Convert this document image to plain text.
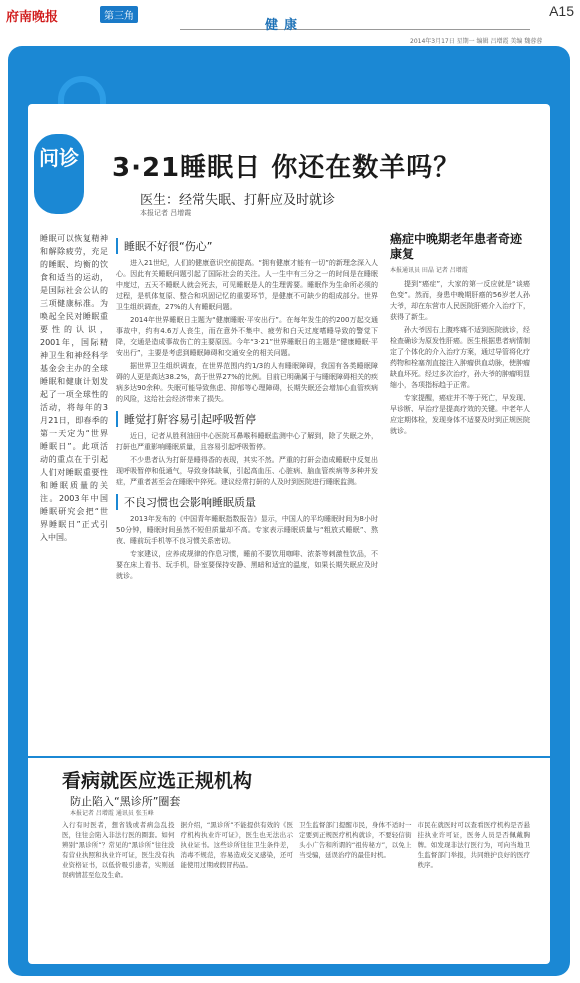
府南晚报	第三角
健康
A15
2014年3月17日 星期一 编辑 吕增霞 美编 魏蓉蓉
问诊 3·21睡眠日 你还在数羊吗？
医生：经常失眠、打鼾应及时就诊
本报记者 吕增霞
睡眠可以恢复精神和解除疲劳，充足的睡眠、均衡的饮食和适当的运动，是国际社会公认的三项健康标准。为唤起全民对睡眠重要性的认识，2001年，国际精神卫生和神经科学基金会主办的全球睡眠和健康计划发起了一项全球性的活动，将每年的3月21日，即春季的第一天定为“世界睡眠日”。此项活动的重点在于引起人们对睡眠重要性和睡眠质量的关注。2003年中国睡眠研究会把“世界睡眠日”正式引入中国。
睡眠不好很“伤心”

进入21世纪，人们的健康意识空前提高。“拥有健康才能有一切”的新理念深入人心。因此有关睡眠问题引起了国际社会的关注。人一生中有三分之一的时间是在睡眠中度过，五天不睡眠人就会死去，可见睡眠是人的生理需要。睡眠作为生命所必须的过程，是机体复原、整合和巩固记忆的重要环节，是健康不可缺少的组成部分。世界卫生组织调查，27%的人有睡眠问题。

2014年世界睡眠日主题为“健康睡眠·平安出行”。在每年发生的约200万起交通事故中，约有4.6万人丧生，而在意外不集中、疲劳和白天过度嗜睡导致的警觉下降，交通是造成事故伤亡的主要原因。今年“3·21”世界睡眠日的主题是“健康睡眠·平安出行”，主要是考虑到睡眠障碍和交通安全的相关问题。

据世界卫生组织调查，在世界范围内约1/3的人有睡眠障碍，我国有各类睡眠障碍的人更是高达38.2%，高于世界27%的比例。目前已明确属于与睡眠障碍相关的疾病多达90余种。失眠可能导致焦虑、抑郁等心理障碍，长期失眠还会增加心血管疾病的风险，这给社会经济带来了损失。

睡觉打鼾容易引起呼吸暂停

近日，记者从胜利油田中心医院耳鼻喉科睡眠监测中心了解到，除了失眠之外，打鼾也严重影响睡眠质量，且容易引起呼吸暂停。

不少患者认为打鼾是睡得香的表现，其实不然。严重的打鼾会造成睡眠中反复出现呼吸暂停和低通气，导致身体缺氧，引起高血压、心脏病、脑血管疾病等多种并发症，严重者甚至会在睡眠中猝死。建议经常打鼾的人及时到医院进行睡眠监测。

不良习惯也会影响睡眠质量

2013年发布的《中国青年睡眠指数报告》显示，中国人的平均睡眠时间为8小时50分钟，睡眠时间虽然不短但质量却不高。专家表示睡眠质量与“粗放式睡眠”、熬夜、睡前玩手机等不良习惯关系密切。

专家建议，应养成规律的作息习惯，睡前不要饮用咖啡、浓茶等刺激性饮品，不要在床上看书、玩手机，卧室要保持安静、黑暗和适宜的温度，如果长期失眠应及时就诊。

癌症中晚期老年患者奇迹康复
本报通讯员 田晶 记者 吕增霞

提到“癌症”，大家的第一反应就是“谈癌色变”。然而，身患中晚期肝癌的56岁老人孙大爷，却在东营市人民医院肝癌介入治疗下，获得了新生。

孙大爷因右上腹疼痛不适到医院就诊，经检查确诊为原发性肝癌。医生根据患者病情制定了个体化的介入治疗方案，通过导管将化疗药物和栓塞剂直接注入肿瘤供血动脉，使肿瘤缺血坏死。经过多次治疗，孙大爷的肿瘤明显缩小，各项指标趋于正常。

专家提醒，癌症并不等于死亡，早发现、早诊断、早治疗是提高疗效的关键。中老年人应定期体检，发现身体不适要及时到正规医院就诊。

看病就医应选正规机构
防止陷入“黑诊所”圈套
本报记者 吕增霞 通讯员 张玉峰
入行有时医者，想省钱或者病急乱投医，往往会陷入非法行医的圈套。如何辨别“黑诊所”？常见的“黑诊所”往往没有营业执照和执业许可证，医生没有执业资格证书，以低价吸引患者，实则延误病情甚至危及生命。
据介绍，“黑诊所”不能提供有效的《医疗机构执业许可证》，医生也无法出示执业证书。这些诊所往往卫生条件差，消毒不规范，容易造成交叉感染，还可能使用过期或假冒药品。
卫生监督部门提醒市民，身体不适时一定要到正规医疗机构就诊，不要轻信街头小广告和所谓的“祖传秘方”，以免上当受骗，延误治疗的最佳时机。
市民在就医时可以查看医疗机构是否悬挂执业许可证，医务人员是否佩戴胸牌。如发现非法行医行为，可向当地卫生监督部门举报，共同维护良好的医疗秩序。
